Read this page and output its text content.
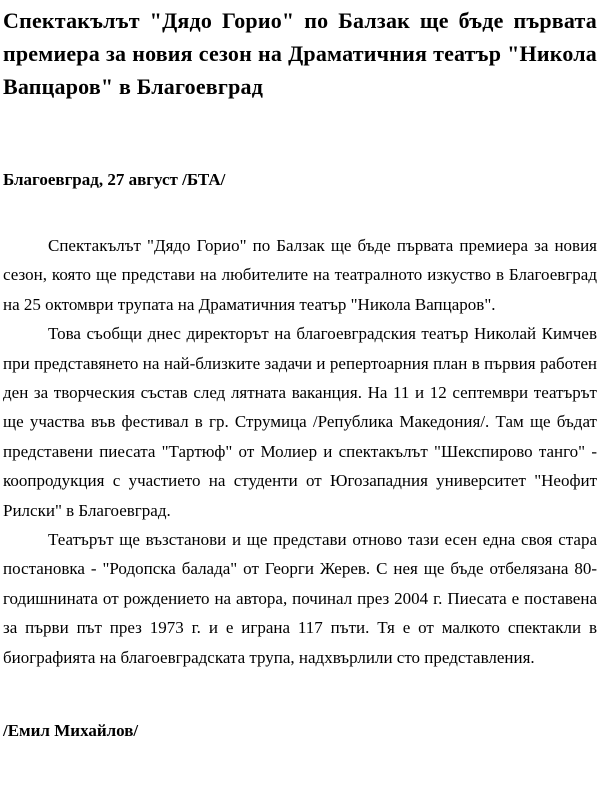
Спектакълът "Дядо Горио" по Балзак ще бъде първата премиера за новия сезон на Драматичния театър "Никола Вапцаров" в Благоевград

Благоевград, 27 август /БТА/

Спектакълът "Дядо Горио" по Балзак ще бъде първата премиера за новия сезон, която ще представи на любителите на театралното изкуство в Благоевград на 25 октомври трупата на Драматичния театър "Никола Вапцаров".

Това съобщи днес директорът на благоевградския театър Николай Кимчев при представянето на най-близките задачи и репертоарния план в първия работен ден за творческия състав след лятната ваканция. На 11 и 12 септември театърът ще участва във фестивал в гр. Струмица /Република Македония/. Там ще бъдат представени пиесата "Тартюф" от Молиер и спектакълът "Шекспирово танго" - коопродукция с участието на студенти от Югозападния университет "Неофит Рилски" в Благоевград.

Театърът ще възстанови и ще представи отново тази есен една своя стара постановка - "Родопска балада" от Георги Жерев. С нея ще бъде отбелязана 80-годишнината от рождението на автора, починал през 2004 г. Пиесата е поставена за първи път през 1973 г. и е играна 117 пъти. Тя е от малкото спектакли в биографията на благоевградската трупа, надхвърлили сто представления.

/Емил Михайлов/
